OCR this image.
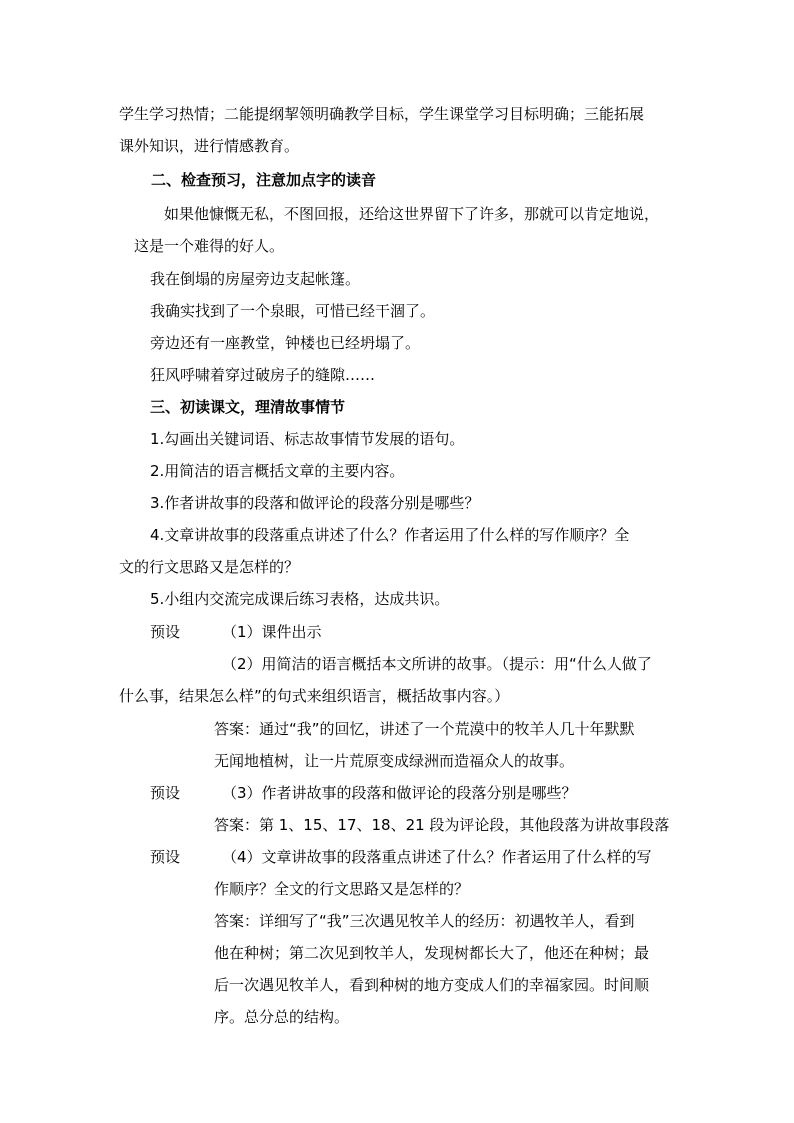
学生学习热情；二能提纲挈领明确教学目标，学生课堂学习目标明确；三能拓展
课外知识，进行情感教育。
二、检查预习，注意加点字的读音
如果他慷慨无私，不图回报，还给这世界留下了许多，那就可以肯定地说，
这是一个难得的好人。
我在倒塌的房屋旁边支起帐篷。
我确实找到了一个泉眼，可惜已经干涸了。
旁边还有一座教堂，钟楼也已经坍塌了。
狂风呼啸着穿过破房子的缝隙……
三、初读课文，理清故事情节
1.勾画出关键词语、标志故事情节发展的语句。
2.用简洁的语言概括文章的主要内容。
3.作者讲故事的段落和做评论的段落分别是哪些？
4.文章讲故事的段落重点讲述了什么？作者运用了什么样的写作顺序？全
文的行文思路又是怎样的？
5.小组内交流完成课后练习表格，达成共识。
预设	（1）课件出示
（2）用简洁的语言概括本文所讲的故事。（提示：用“什么人做了
什么事，结果怎么样”的句式来组织语言，概括故事内容。）
答案：通过“我”的回忆，讲述了一个荒漠中的牧羊人几十年默默
无闻地植树，让一片荒原变成绿洲而造福众人的故事。
预设	（3）作者讲故事的段落和做评论的段落分别是哪些？
答案：第 1、15、17、18、21 段为评论段，其他段落为讲故事段落
预设	（4）文章讲故事的段落重点讲述了什么？作者运用了什么样的写
作顺序？全文的行文思路又是怎样的？
答案：详细写了“我”三次遇见牧羊人的经历：初遇牧羊人，看到
他在种树；第二次见到牧羊人，发现树都长大了，他还在种树；最
后一次遇见牧羊人，看到种树的地方变成人们的幸福家园。时间顺
序。总分总的结构。
